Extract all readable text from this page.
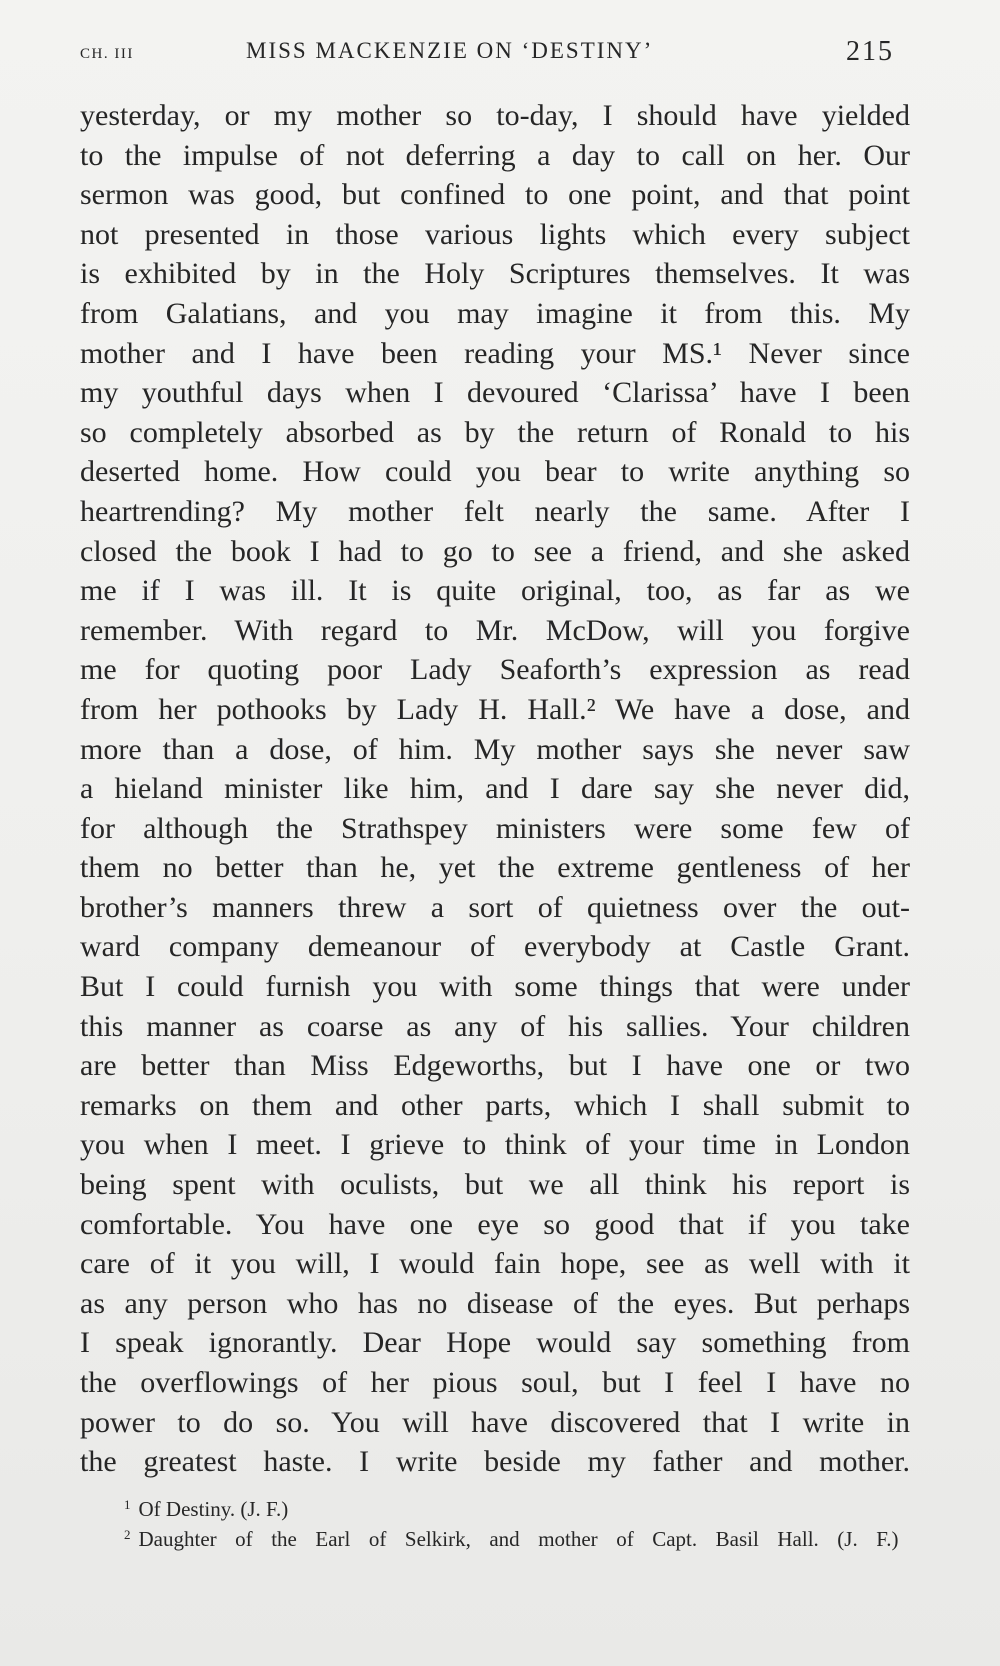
CH. III	MISS MACKENZIE ON ‘DESTINY’	215
yesterday, or my mother so to-day, I should have yielded
to the impulse of not deferring a day to call on her. Our
sermon was good, but confined to one point, and that point
not presented in those various lights which every subject
is exhibited by in the Holy Scriptures themselves. It was
from Galatians, and you may imagine it from this. My
mother and I have been reading your MS.¹ Never since
my youthful days when I devoured ‘Clarissa’ have I been
so completely absorbed as by the return of Ronald to his
deserted home. How could you bear to write anything so
heartrending? My mother felt nearly the same. After I
closed the book I had to go to see a friend, and she asked
me if I was ill. It is quite original, too, as far as we
remember. With regard to Mr. McDow, will you forgive
me for quoting poor Lady Seaforth’s expression as read
from her pothooks by Lady H. Hall.² We have a dose, and
more than a dose, of him. My mother says she never saw
a hieland minister like him, and I dare say she never did,
for although the Strathspey ministers were some few of
them no better than he, yet the extreme gentleness of her
brother’s manners threw a sort of quietness over the out-
ward company demeanour of everybody at Castle Grant.
But I could furnish you with some things that were under
this manner as coarse as any of his sallies. Your children
are better than Miss Edgeworths, but I have one or two
remarks on them and other parts, which I shall submit to
you when I meet. I grieve to think of your time in London
being spent with oculists, but we all think his report is
comfortable. You have one eye so good that if you take
care of it you will, I would fain hope, see as well with it
as any person who has no disease of the eyes. But perhaps
I speak ignorantly. Dear Hope would say something from
the overflowings of her pious soul, but I feel I have no
power to do so. You will have discovered that I write in
the greatest haste. I write beside my father and mother.
$^1$ Of Destiny. (J. F.)
$^2$ Daughter of the Earl of Selkirk, and mother of Capt. Basil Hall. (J. F.)
